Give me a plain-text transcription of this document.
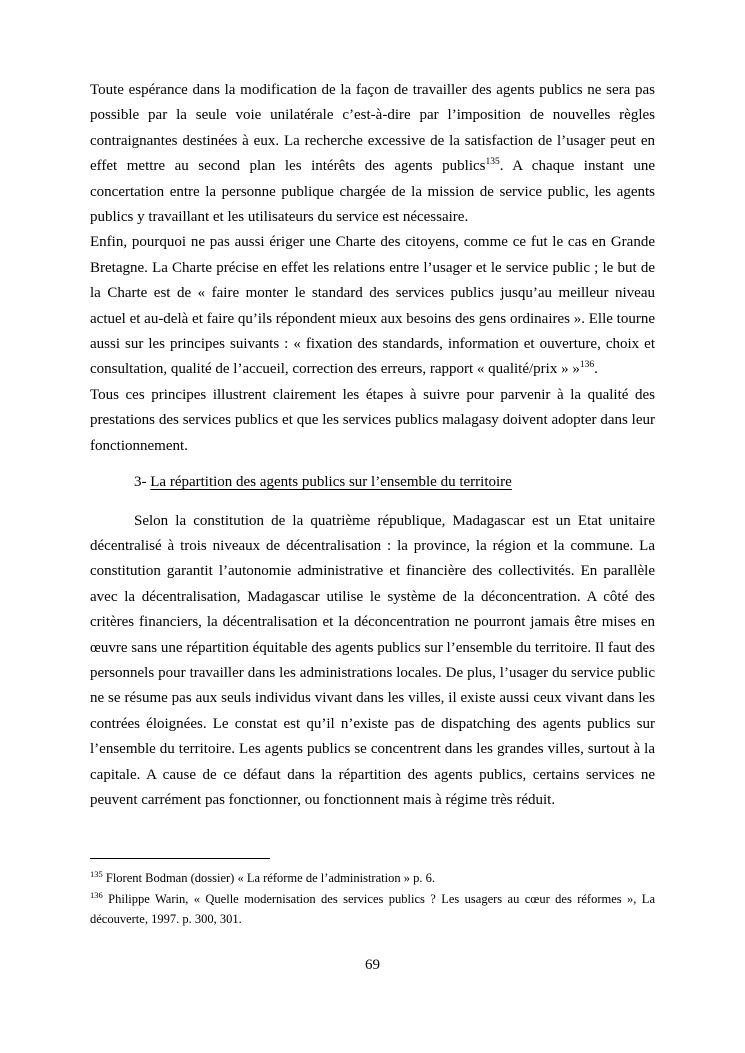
Toute espérance dans la modification de la façon de travailler des agents publics ne sera pas possible par la seule voie unilatérale c’est-à-dire par l’imposition de nouvelles règles contraignantes destinées à eux. La recherche excessive de la satisfaction de l’usager peut en effet mettre au second plan les intérêts des agents publics$^{135}$. A chaque instant une concertation entre la personne publique chargée de la mission de service public, les agents publics y travaillant et les utilisateurs du service est nécessaire.

Enfin, pourquoi ne pas aussi ériger une Charte des citoyens, comme ce fut le cas en Grande Bretagne. La Charte précise en effet les relations entre l’usager et le service public ; le but de la Charte est de « faire monter le standard des services publics jusqu’au meilleur niveau actuel et au-delà et faire qu’ils répondent mieux aux besoins des gens ordinaires ». Elle tourne aussi sur les principes suivants : « fixation des standards, information et ouverture, choix et consultation, qualité de l’accueil, correction des erreurs, rapport « qualité/prix » »$^{136}$.

Tous ces principes illustrent clairement les étapes à suivre pour parvenir à la qualité des prestations des services publics et que les services publics malagasy doivent adopter dans leur fonctionnement.

3- La répartition des agents publics sur l’ensemble du territoire

Selon la constitution de la quatrième république, Madagascar est un Etat unitaire décentralisé à trois niveaux de décentralisation : la province, la région et la commune. La constitution garantit l’autonomie administrative et financière des collectivités. En parallèle avec la décentralisation, Madagascar utilise le système de la déconcentration. A côté des critères financiers, la décentralisation et la déconcentration ne pourront jamais être mises en œuvre sans une répartition équitable des agents publics sur l’ensemble du territoire. Il faut des personnels pour travailler dans les administrations locales. De plus, l’usager du service public ne se résume pas aux seuls individus vivant dans les villes, il existe aussi ceux vivant dans les contrées éloignées. Le constat est qu’il n’existe pas de dispatching des agents publics sur l’ensemble du territoire. Les agents publics se concentrent dans les grandes villes, surtout à la capitale. A cause de ce défaut dans la répartition des agents publics, certains services ne peuvent carrément pas fonctionner, ou fonctionnent mais à régime très réduit.

$^{135}$ Florent Bodman (dossier) « La réforme de l’administration » p. 6.

$^{136}$ Philippe Warin, « Quelle modernisation des services publics ? Les usagers au cœur des réformes », La découverte, 1997. p. 300, 301.

69
